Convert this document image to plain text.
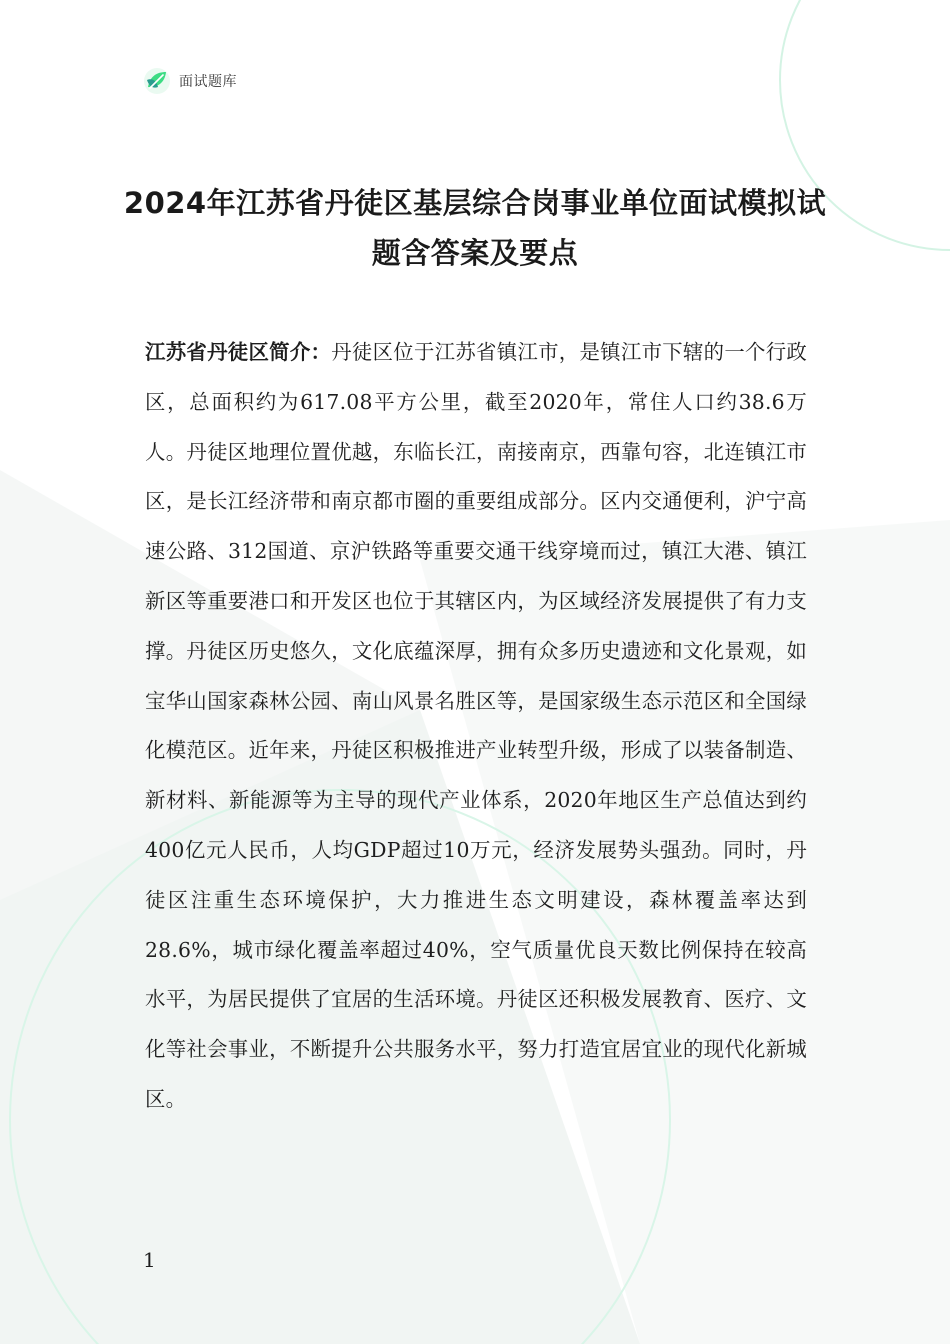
面试题库
2024年江苏省丹徒区基层综合岗事业单位面试模拟试题含答案及要点

江苏省丹徒区简介：丹徒区位于江苏省镇江市，是镇江市下辖的一个行政区，总面积约为617.08平方公里，截至2020年，常住人口约38.6万人。丹徒区地理位置优越，东临长江，南接南京，西靠句容，北连镇江市区，是长江经济带和南京都市圈的重要组成部分。区内交通便利，沪宁高速公路、312国道、京沪铁路等重要交通干线穿境而过，镇江大港、镇江新区等重要港口和开发区也位于其辖区内，为区域经济发展提供了有力支撑。丹徒区历史悠久，文化底蕴深厚，拥有众多历史遗迹和文化景观，如宝华山国家森林公园、南山风景名胜区等，是国家级生态示范区和全国绿化模范区。近年来，丹徒区积极推进产业转型升级，形成了以装备制造、新材料、新能源等为主导的现代产业体系，2020年地区生产总值达到约400亿元人民币，人均GDP超过10万元，经济发展势头强劲。同时，丹徒区注重生态环境保护，大力推进生态文明建设，森林覆盖率达到28.6%，城市绿化覆盖率超过40%，空气质量优良天数比例保持在较高水平，为居民提供了宜居的生活环境。丹徒区还积极发展教育、医疗、文化等社会事业，不断提升公共服务水平，努力打造宜居宜业的现代化新城区。

1
